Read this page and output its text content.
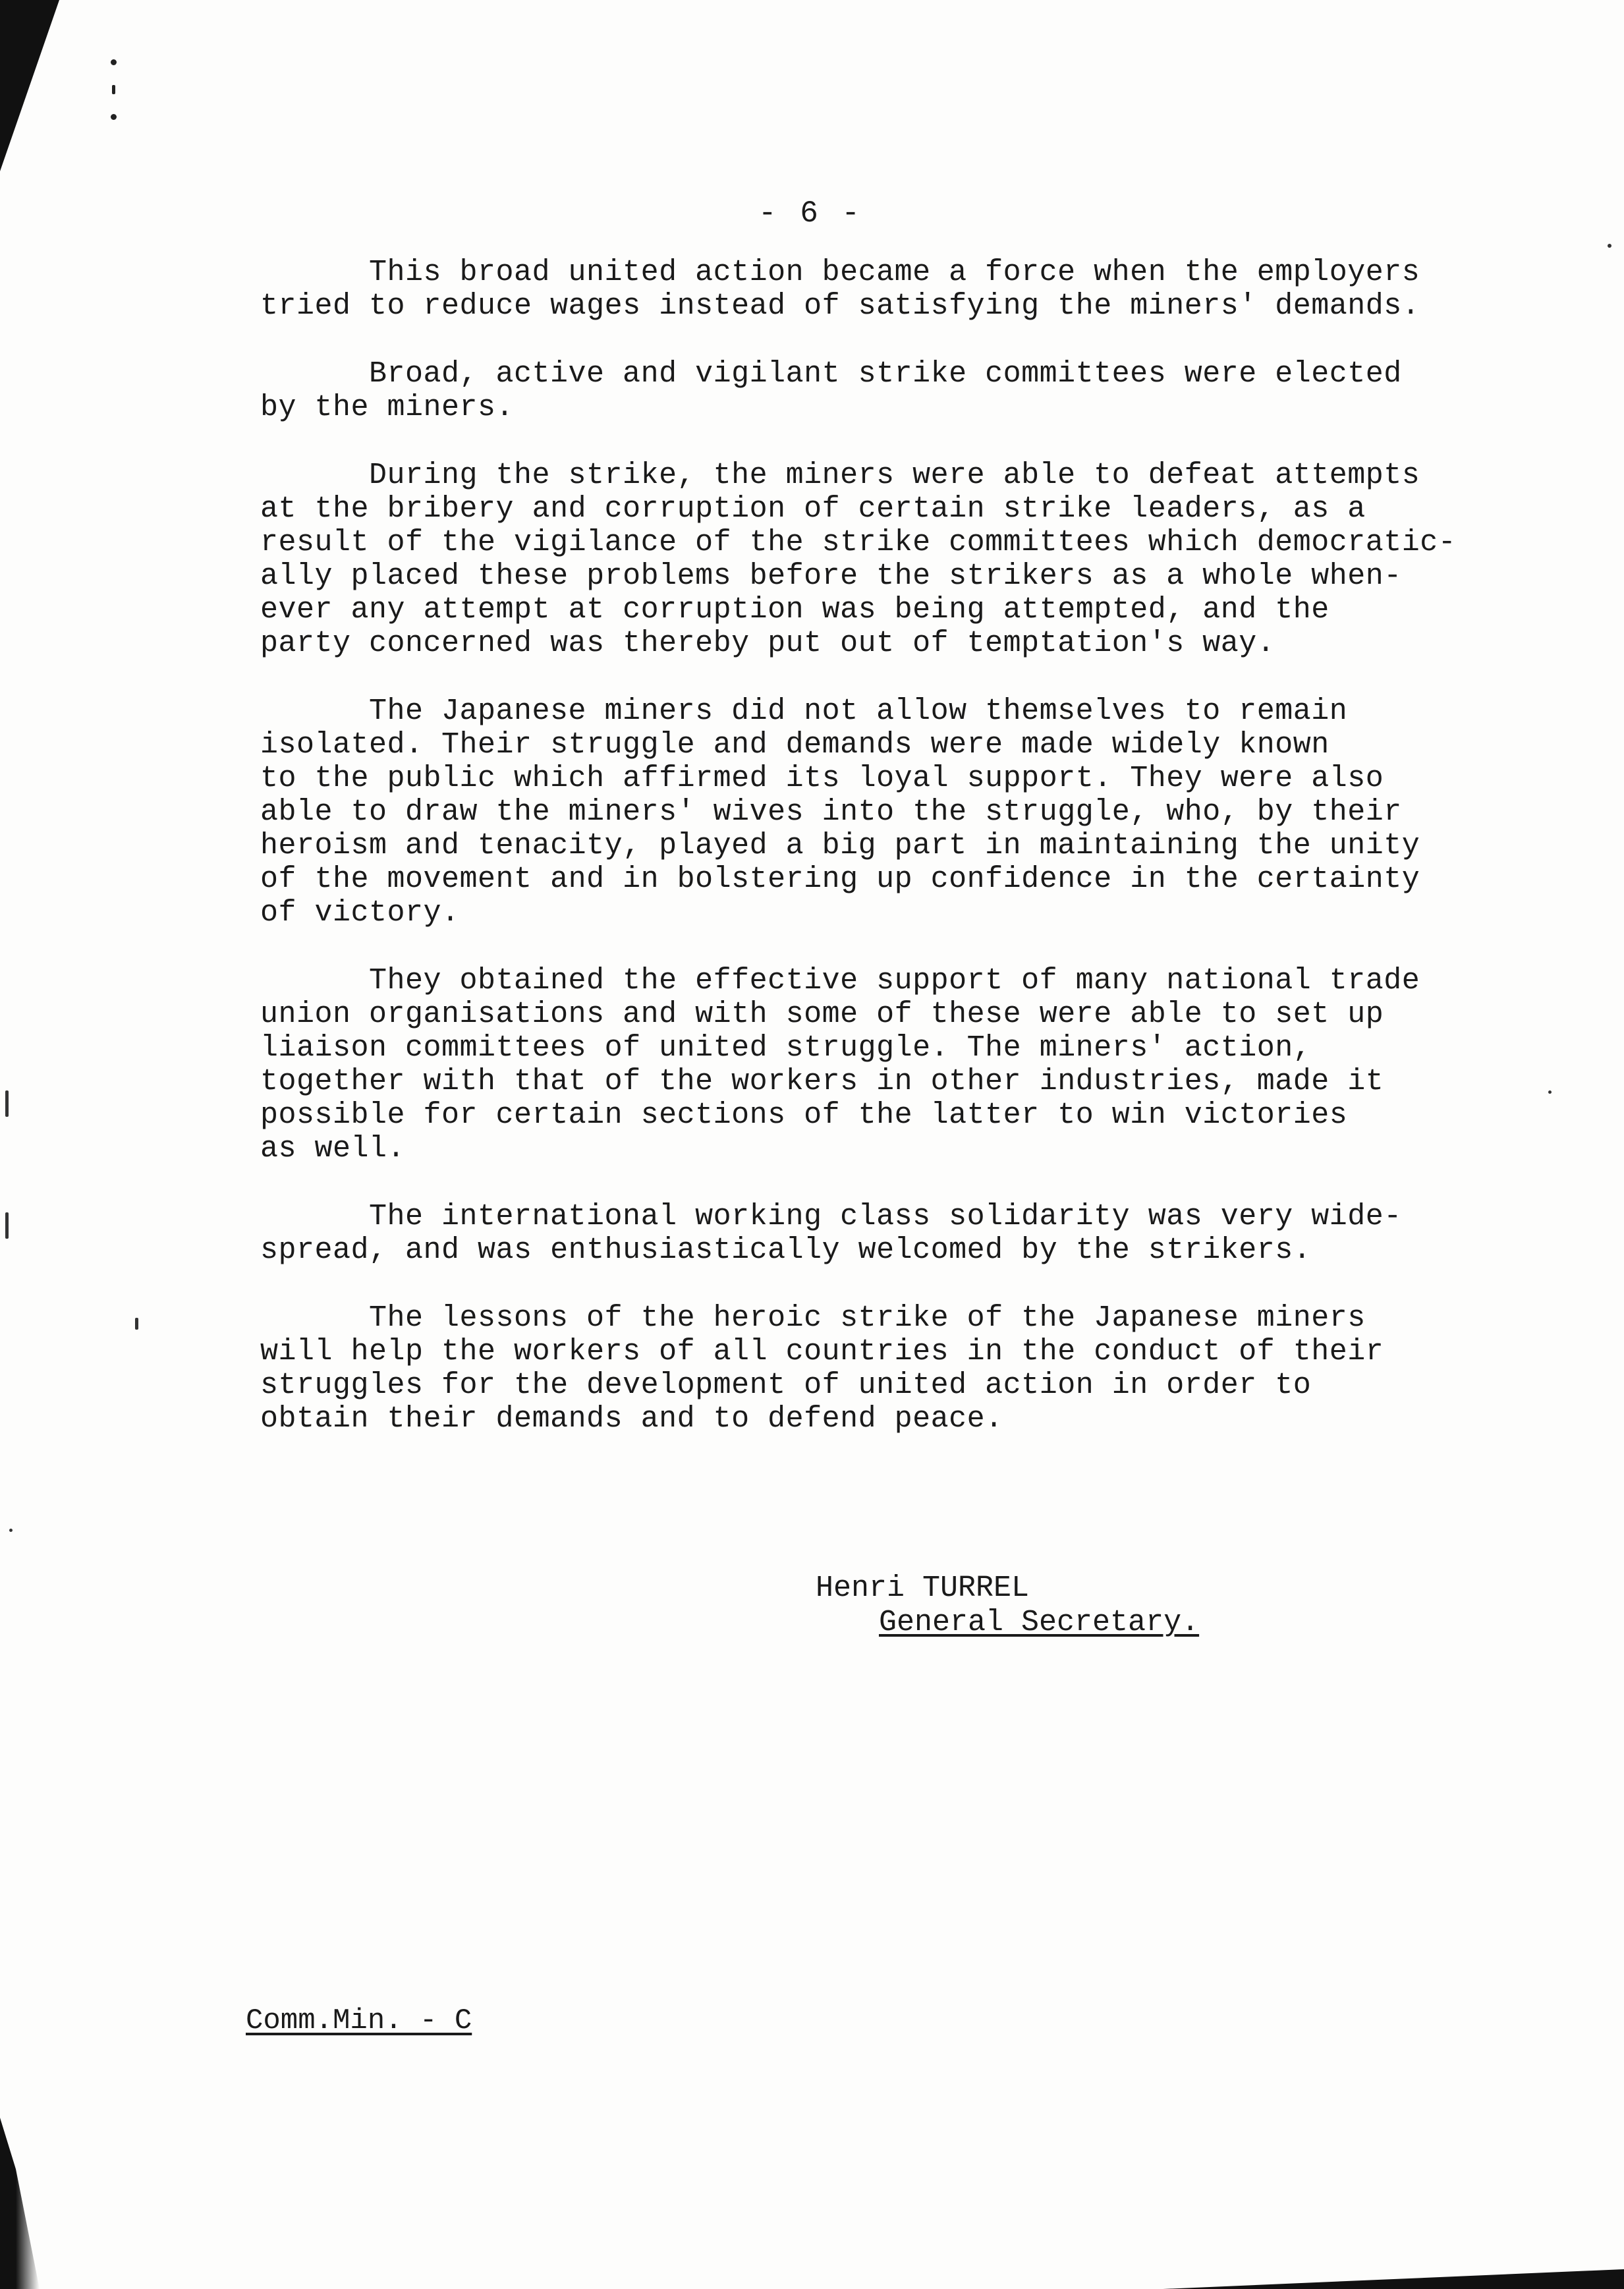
- 6 -

This broad united action became a force when the employers
tried to reduce wages instead of satisfying the miners' demands.

Broad, active and vigilant strike committees were elected
by the miners.

During the strike, the miners were able to defeat attempts
at the bribery and corruption of certain strike leaders, as a
result of the vigilance of the strike committees which democratic-
ally placed these problems before the strikers as a whole when-
ever any attempt at corruption was being attempted, and the
party concerned was thereby put out of temptation's way.

The Japanese miners did not allow themselves to remain
isolated. Their struggle and demands were made widely known
to the public which affirmed its loyal support. They were also
able to draw the miners' wives into the struggle, who, by their
heroism and tenacity, played a big part in maintaining the unity
of the movement and in bolstering up confidence in the certainty
of victory.

They obtained the effective support of many national trade
union organisations and with some of these were able to set up
liaison committees of united struggle. The miners' action,
together with that of the workers in other industries, made it
possible for certain sections of the latter to win victories
as well.

The international working class solidarity was very wide-
spread, and was enthusiastically welcomed by the strikers.

The lessons of the heroic strike of the Japanese miners
will help the workers of all countries in the conduct of their
struggles for the development of united action in order to
obtain their demands and to defend peace.

Henri TURREL
General Secretary.
Comm.Min. - C
